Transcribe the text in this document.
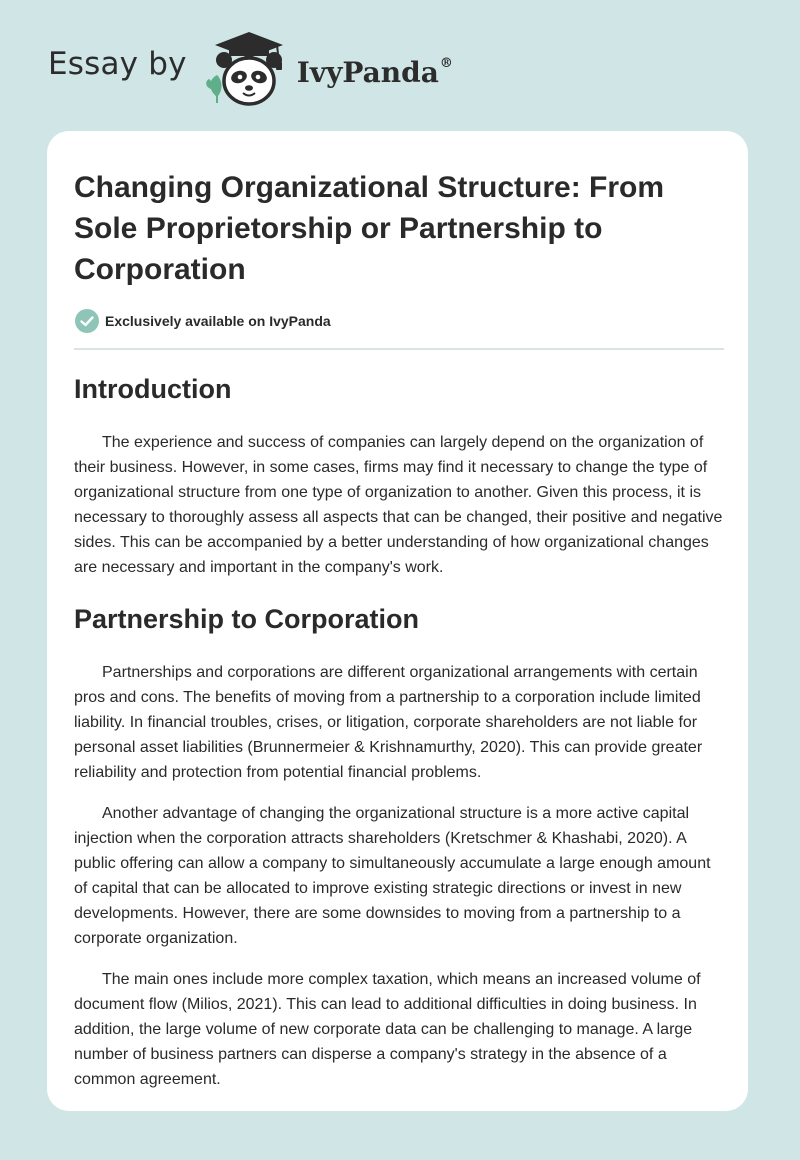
Essay by	IvyPanda®
Changing Organizational Structure: From Sole Proprietorship or Partnership to Corporation
Exclusively available on IvyPanda
Introduction

The experience and success of companies can largely depend on the organization of their business. However, in some cases, firms may find it necessary to change the type of organizational structure from one type of organization to another. Given this process, it is necessary to thoroughly assess all aspects that can be changed, their positive and negative sides. This can be accompanied by a better understanding of how organizational changes are necessary and important in the company's work.

Partnership to Corporation

Partnerships and corporations are different organizational arrangements with certain pros and cons. The benefits of moving from a partnership to a corporation include limited liability. In financial troubles, crises, or litigation, corporate shareholders are not liable for personal asset liabilities (Brunnermeier & Krishnamurthy, 2020). This can provide greater reliability and protection from potential financial problems.

Another advantage of changing the organizational structure is a more active capital injection when the corporation attracts shareholders (Kretschmer & Khashabi, 2020). A public offering can allow a company to simultaneously accumulate a large enough amount of capital that can be allocated to improve existing strategic directions or invest in new developments. However, there are some downsides to moving from a partnership to a corporate organization.

The main ones include more complex taxation, which means an increased volume of document flow (Milios, 2021). This can lead to additional difficulties in doing business. In addition, the large volume of new corporate data can be challenging to manage. A large number of business partners can disperse a company's strategy in the absence of a common agreement.
